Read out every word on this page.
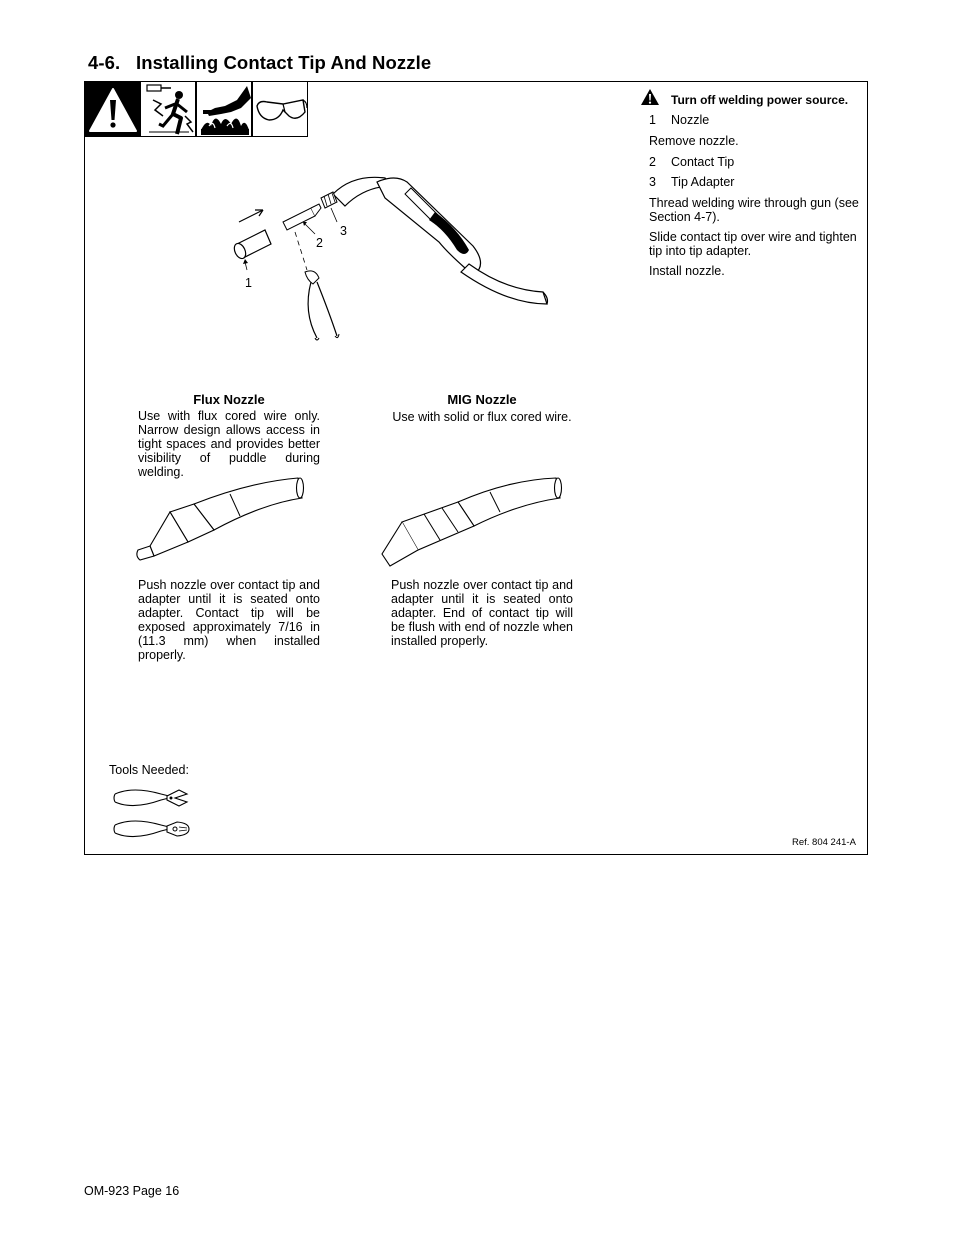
4-6. Installing Contact Tip And Nozzle
Turn off welding power source.
1 Nozzle
Remove nozzle.
2 Contact Tip
3 Tip Adapter
Thread welding wire through gun (see Section 4-7).
Slide contact tip over wire and tighten tip into tip adapter.
Install nozzle.
1
2
3
Flux Nozzle
Use with flux cored wire only. Narrow design allows access in tight spaces and provides better visibility of puddle during welding.
Push nozzle over contact tip and adapter until it is seated onto adapter. Contact tip will be exposed approximately 7/16 in (11.3 mm) when installed properly.
MIG Nozzle
Use with solid or flux cored wire.
Push nozzle over contact tip and adapter until it is seated onto adapter. End of contact tip will be flush with end of nozzle when installed properly.
Tools Needed:
Ref. 804 241-A
OM-923 Page 16
